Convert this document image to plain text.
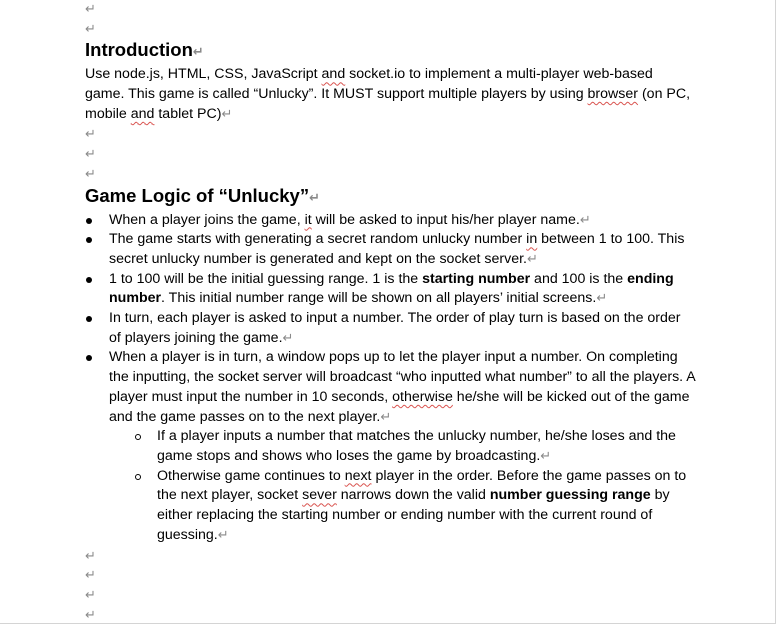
↵
↵
Introduction↵

Use node.js, HTML, CSS, JavaScript and socket.io to implement a multi-player web-based game. This game is called “Unlucky”. It MUST support multiple players by using browser (on PC, mobile and tablet PC)↵

↵
↵
↵
Game Logic of “Unlucky”↵
When a player joins the game, it will be asked to input his/her player name.↵
The game starts with generating a secret random unlucky number in between 1 to 100. This secret unlucky number is generated and kept on the socket server.↵
1 to 100 will be the initial guessing range. 1 is the starting number and 100 is the ending number. This initial number range will be shown on all players’ initial screens.↵
In turn, each player is asked to input a number. The order of play turn is based on the order of players joining the game.↵
When a player is in turn, a window pops up to let the player input a number. On completing the inputting, the socket server will broadcast “who inputted what number” to all the players. A player must input the number in 10 seconds, otherwise he/she will be kicked out of the game and the game passes on to the next player.↵
If a player inputs a number that matches the unlucky number, he/she loses and the game stops and shows who loses the game by broadcasting.↵
Otherwise game continues to next player in the order. Before the game passes on to the next player, socket sever narrows down the valid number guessing range by either replacing the starting number or ending number with the current round of guessing.↵
↵
↵
↵
↵
